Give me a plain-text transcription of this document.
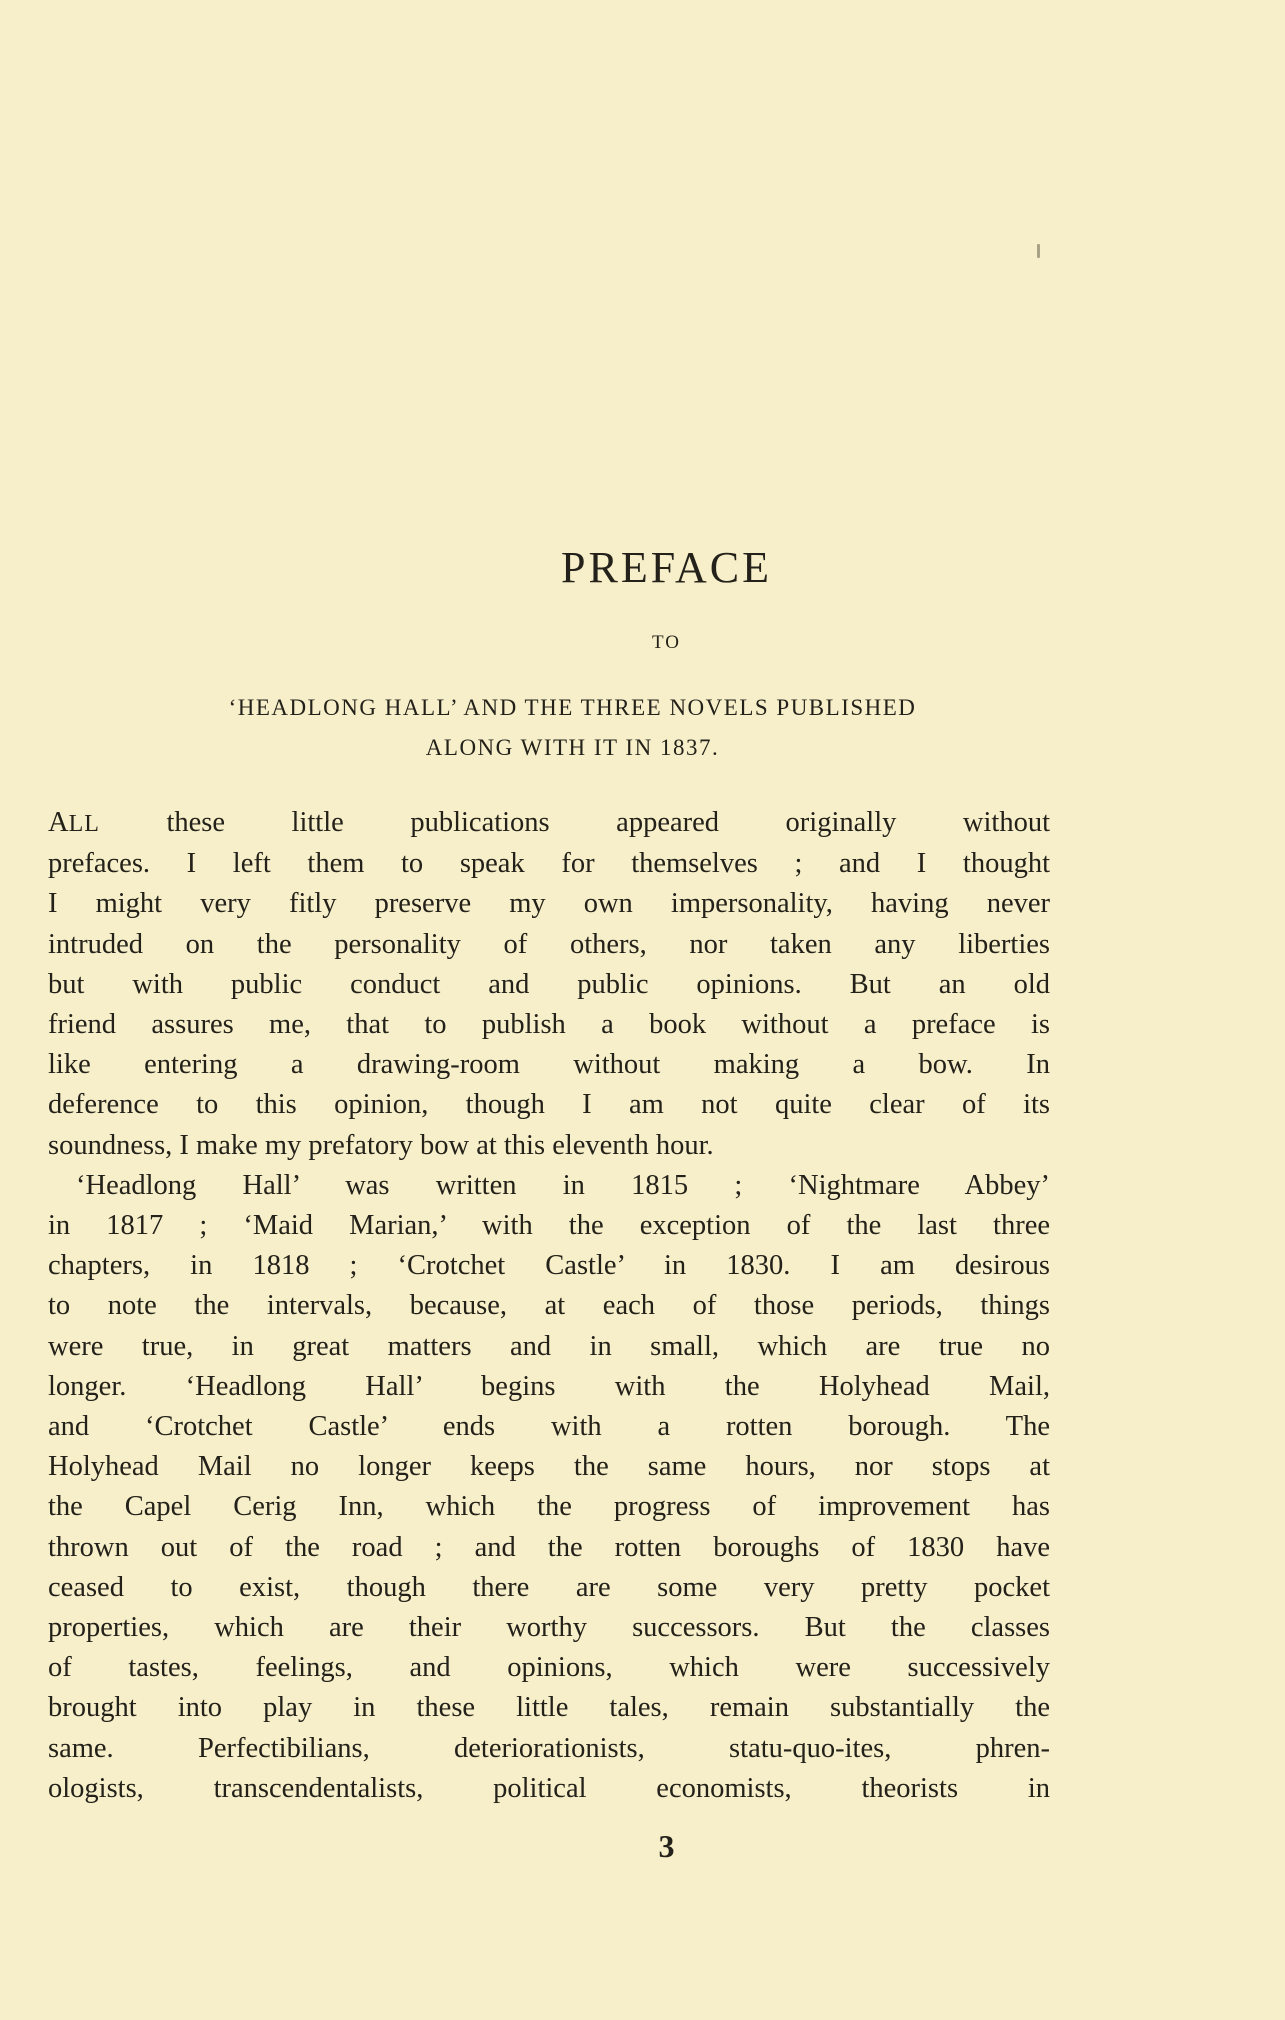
PREFACE
TO
‘HEADLONG HALL’ AND THE THREE NOVELS PUBLISHED
ALONG WITH IT IN 1837.
ALL these little publications appeared originally without
prefaces. I left them to speak for themselves ; and I thought
I might very fitly preserve my own impersonality, having never
intruded on the personality of others, nor taken any liberties
but with public conduct and public opinions. But an old
friend assures me, that to publish a book without a preface is
like entering a drawing-room without making a bow. In
deference to this opinion, though I am not quite clear of its
soundness, I make my prefatory bow at this eleventh hour.
‘Headlong Hall’ was written in 1815 ; ‘Nightmare Abbey’
in 1817 ; ‘Maid Marian,’ with the exception of the last three
chapters, in 1818 ; ‘Crotchet Castle’ in 1830. I am desirous
to note the intervals, because, at each of those periods, things
were true, in great matters and in small, which are true no
longer. ‘Headlong Hall’ begins with the Holyhead Mail,
and ‘Crotchet Castle’ ends with a rotten borough. The
Holyhead Mail no longer keeps the same hours, nor stops at
the Capel Cerig Inn, which the progress of improvement has
thrown out of the road ; and the rotten boroughs of 1830 have
ceased to exist, though there are some very pretty pocket
properties, which are their worthy successors. But the classes
of tastes, feelings, and opinions, which were successively
brought into play in these little tales, remain substantially the
same. Perfectibilians, deteriorationists, statu-quo-ites, phren-
ologists, transcendentalists, political economists, theorists in
3
